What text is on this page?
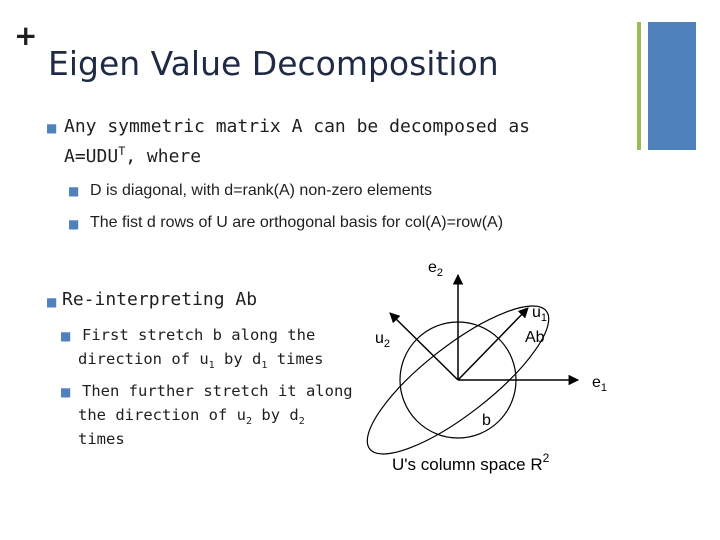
+
Eigen Value Decomposition
■ Any symmetric matrix A can be decomposed as
$A=UDU^T$, where
■ D is diagonal, with d=rank(A) non-zero elements
■ The fist d rows of U are orthogonal basis for col(A)=row(A)
■ Re-interpreting Ab
■ First stretch b along the
direction of $u_1$ by $d_1$ times
■ Then further stretch it along
the direction of $u_2$ by $d_2$
times
$e_2$
$e_1$
$u_1$
Ab
$u_2$
b
U's column space $R^2$
